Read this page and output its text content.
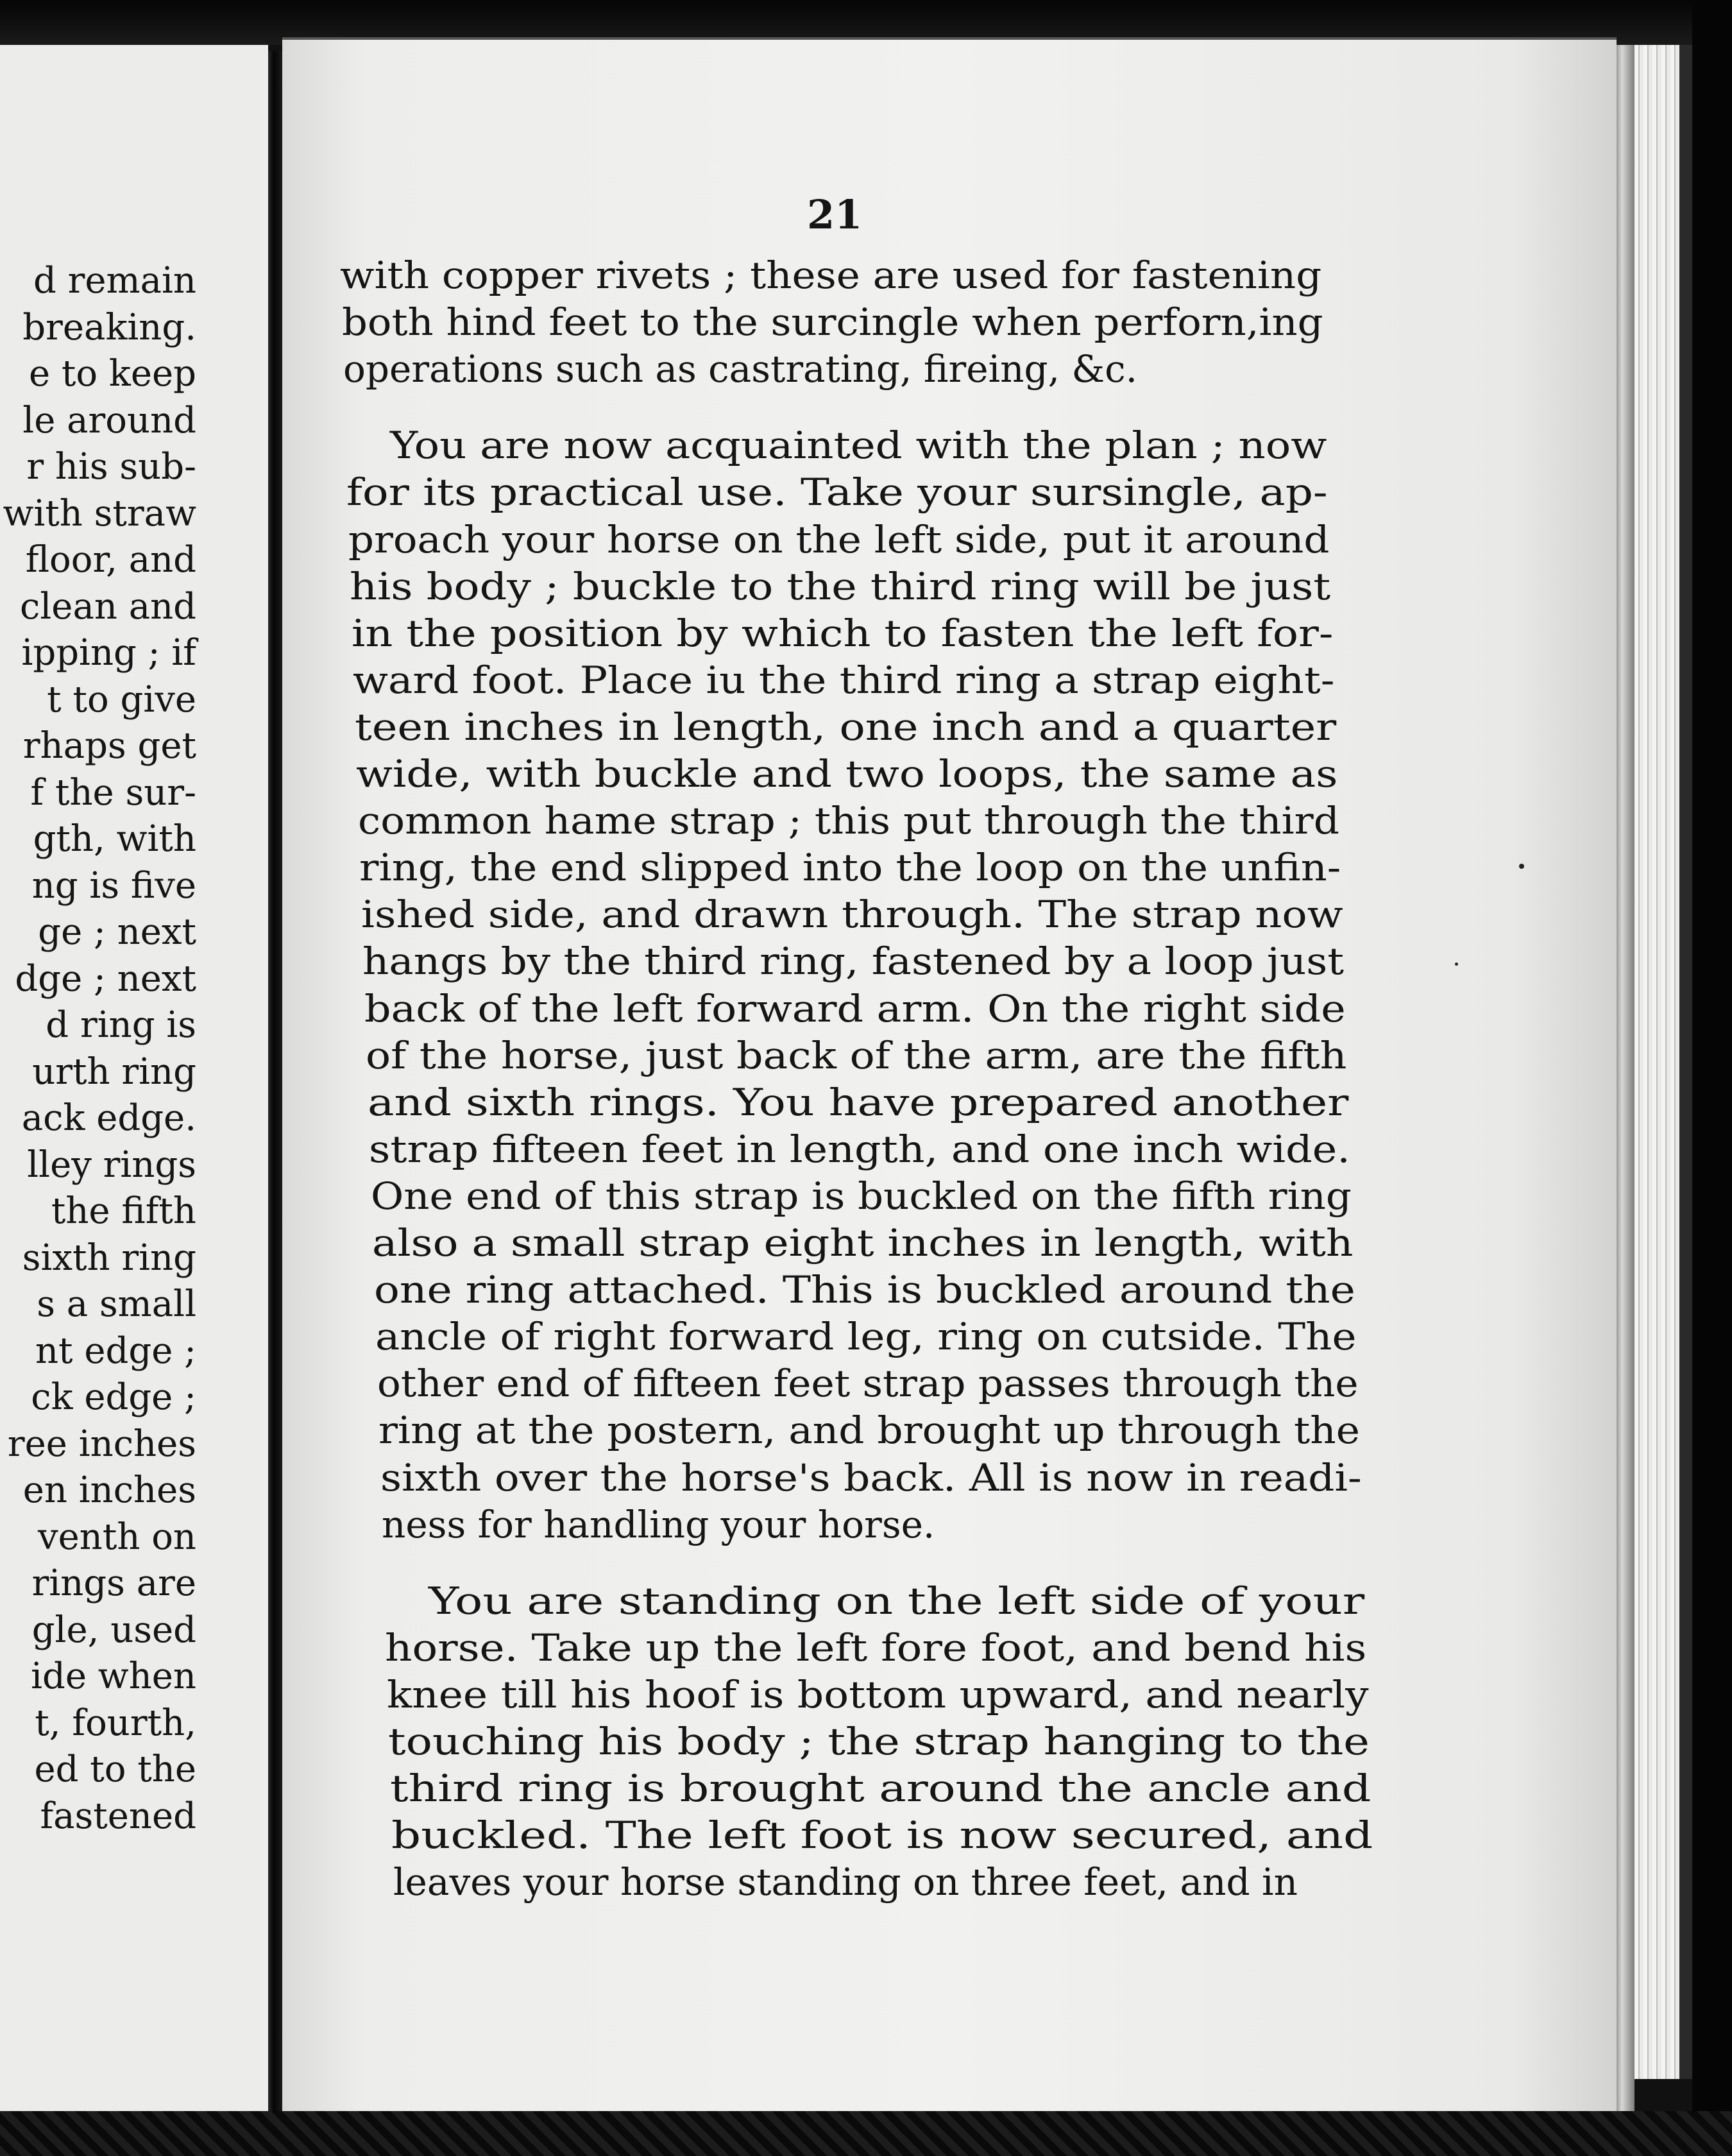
d remain
breaking.
e to keep
le around
r his sub-
with straw
floor, and
clean and
ipping ; if
t to give
rhaps get
f the sur-
gth, with
ng is five
ge ; next
dge ; next
d ring is
urth ring
ack edge.
lley rings
the fifth
sixth ring
s a small
nt edge ;
ck edge ;
ree inches
en inches
venth on
rings are
gle, used
ide when
t, fourth,
ed to the
fastened
21
with copper rivets ; these are used for fastening
both hind feet to the surcingle when perforn,ing
operations such as castrating, fireing, &c.
You are now acquainted with the plan ; now
for its practical use. Take your sursingle, ap-
proach your horse on the left side, put it around
his body ; buckle to the third ring will be just
in the position by which to fasten the left for-
ward foot. Place iu the third ring a strap eight-
teen inches in length, one inch and a quarter
wide, with buckle and two loops, the same as
common hame strap ; this put through the third
ring, the end slipped into the loop on the unfin-
ished side, and drawn through. The strap now
hangs by the third ring, fastened by a loop just
back of the left forward arm. On the right side
of the horse, just back of the arm, are the fifth
and sixth rings. You have prepared another
strap fifteen feet in length, and one inch wide.
One end of this strap is buckled on the fifth ring
also a small strap eight inches in length, with
one ring attached. This is buckled around the
ancle of right forward leg, ring on cutside. The
other end of fifteen feet strap passes through the
ring at the postern, and brought up through the
sixth over the horse's back. All is now in readi-
ness for handling your horse.
You are standing on the left side of your
horse. Take up the left fore foot, and bend his
knee till his hoof is bottom upward, and nearly
touching his body ; the strap hanging to the
third ring is brought around the ancle and
buckled. The left foot is now secured, and
leaves your horse standing on three feet, and in
